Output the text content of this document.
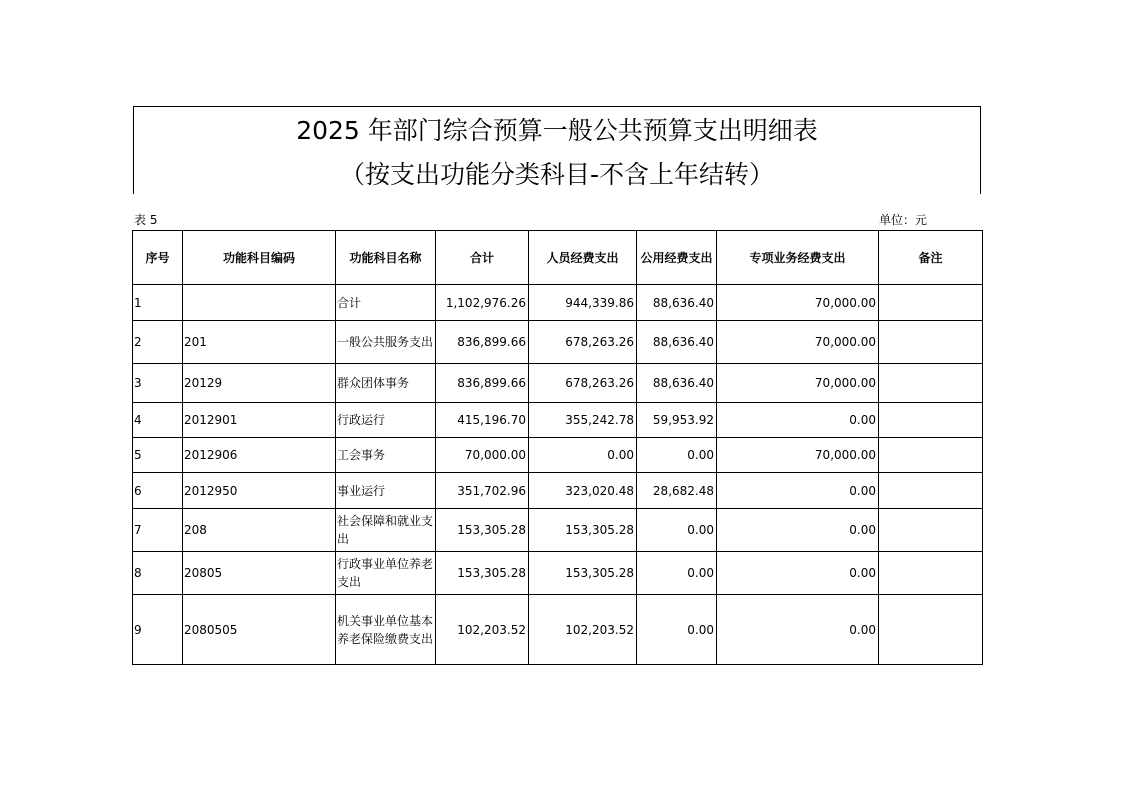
2025 年部门综合预算一般公共预算支出明细表
（按支出功能分类科目-不含上年结转）
表 5	单位：元
序号	功能科目编码	功能科目名称	合计	人员经费支出	公用经费支出	专项业务经费支出	备注
1		合计	1,102,976.26	944,339.86	88,636.40	70,000.00	
2	201	一般公共服务支出	836,899.66	678,263.26	88,636.40	70,000.00	
3	20129	群众团体事务	836,899.66	678,263.26	88,636.40	70,000.00	
4	2012901	行政运行	415,196.70	355,242.78	59,953.92	0.00	
5	2012906	工会事务	70,000.00	0.00	0.00	70,000.00	
6	2012950	事业运行	351,702.96	323,020.48	28,682.48	0.00	
7	208	社会保障和就业支出	153,305.28	153,305.28	0.00	0.00	
8	20805	行政事业单位养老支出	153,305.28	153,305.28	0.00	0.00	
9	2080505	机关事业单位基本养老保险缴费支出	102,203.52	102,203.52	0.00	0.00	
